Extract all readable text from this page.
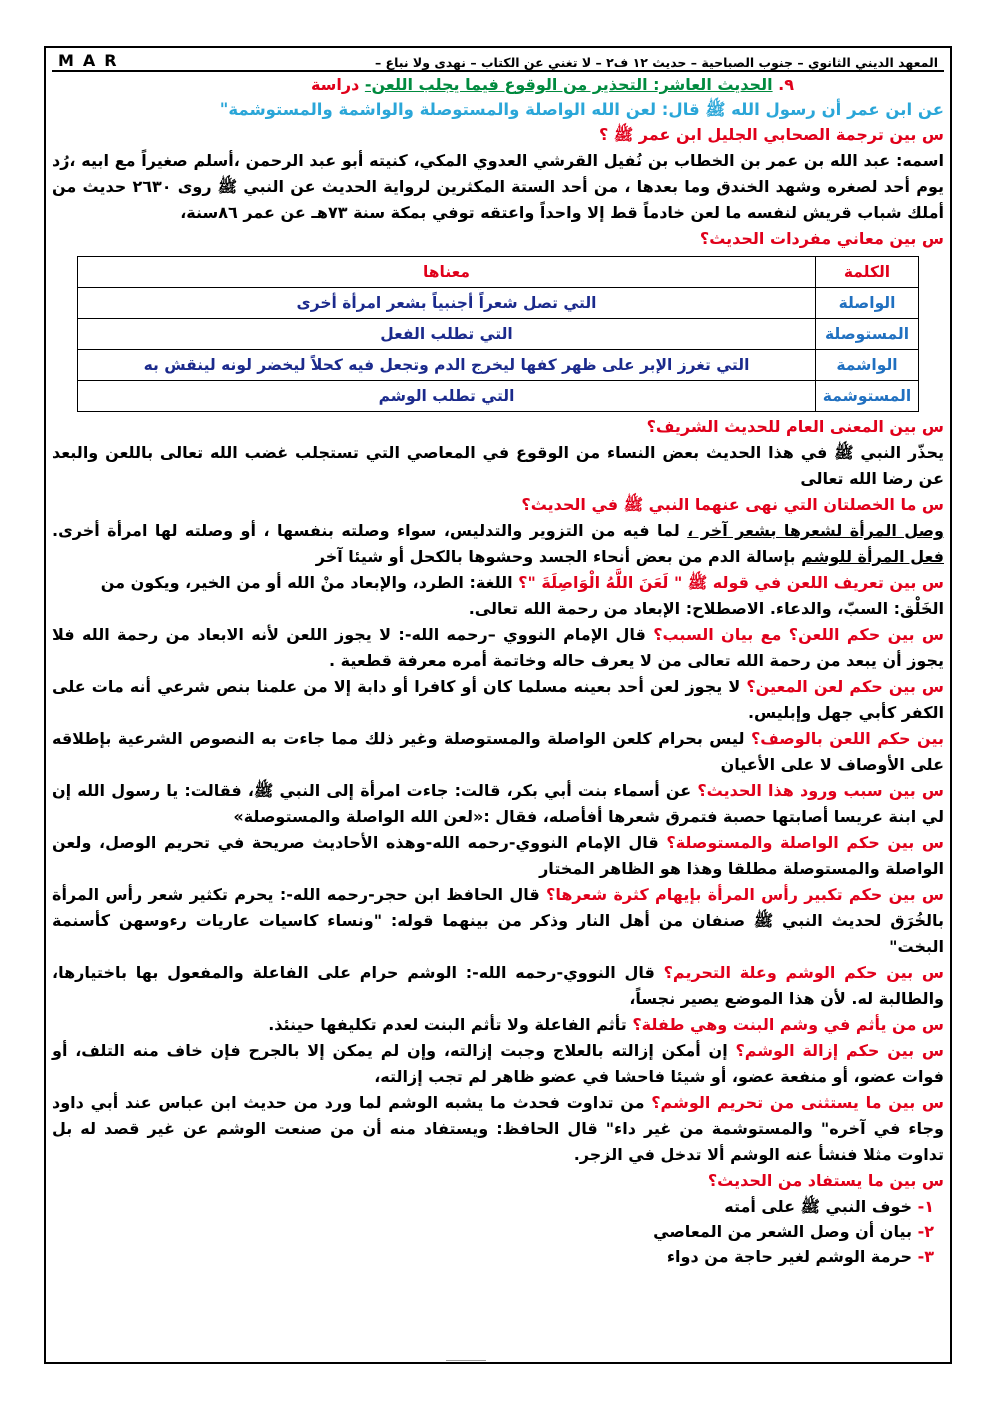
المعهد الديني الثانوي – جنوب الصباحية – حديث ١٢ ف٢ – لا تغني عن الكتاب – نهدى ولا نباع –
MAR
٩. الحديث العاشر: التحذير من الوقوع فيما يجلب اللعن- دراسة
عن ابن عمر أن رسول الله ﷺ قال: لعن الله الواصلة والمستوصلة والواشمة والمستوشمة"
س بين ترجمة الصحابي الجليل ابن عمر ﷺ ؟

اسمه: عبد الله بن عمر بن الخطاب بن نُفيل القرشي العدوي المكي، كنيته أبو عبد الرحمن ،أسلم صغيراً مع ابيه ،رُد يوم أحد لصغره وشهد الخندق وما بعدها ، من أحد الستة المكثرين لرواية الحديث عن النبي ﷺ روى ٢٦٣٠ حديث من أملك شباب قريش لنفسه ما لعن خادماً قط إلا واحداً واعتقه توفي بمكة سنة ٧٣هـ عن عمر ٨٦سنة،

س بين معاني مفردات الحديث؟
الكلمة	معناها
الواصلة	التي تصل شعراً أجنبياً بشعر امرأة أخرى
المستوصلة	التي تطلب الفعل
الواشمة	التي تغرز الإبر على ظهر كفها ليخرج الدم وتجعل فيه كحلاً ليخضر لونه لينقش به
المستوشمة	التي تطلب الوشم
س بين المعنى العام للحديث الشريف؟

يحذّر النبي ﷺ في هذا الحديث بعض النساء من الوقوع في المعاصي التي تستجلب غضب الله تعالى باللعن والبعد عن رضا الله تعالى

س ما الخصلتان التي نهى عنهما النبي ﷺ في الحديث؟

وصل المرأة لشعرها بشعر آخر ، لما فيه من التزوير والتدليس، سواء وصلته بنفسها ، أو وصلته لها امرأة أخرى. فعل المرأة للوشم بإسالة الدم من بعض أنحاء الجسد وحشوها بالكحل أو شيئا آخر

س بين تعريف اللعن في قوله ﷺ " لَعَنَ اللَّهُ الْوَاصِلَةَ "؟ اللغة: الطرد، والإبعاد منْ الله أو من الخير، ويكون من الخَلْق: السبّ، والدعاء. الاصطلاح: الإبعاد من رحمة الله تعالى.

س بين حكم اللعن؟ مع بيان السبب؟ قال الإمام النووي –رحمه الله-: لا يجوز اللعن لأنه الابعاد من رحمة الله فلا يجوز أن يبعد من رحمة الله تعالى من لا يعرف حاله وخاتمة أمره معرفة قطعية .

س بين حكم لعن المعين؟ لا يجوز لعن أحد بعينه مسلما كان أو كافرا أو دابة إلا من علمنا بنص شرعي أنه مات على الكفر كأبي جهل وإبليس.

بين حكم اللعن بالوصف؟ ليس بحرام كلعن الواصلة والمستوصلة وغير ذلك مما جاءت به النصوص الشرعية بإطلاقه على الأوصاف لا على الأعيان

س بين سبب ورود هذا الحديث؟ عن أسماء بنت أبي بكر، قالت: جاءت امرأة إلى النبي ﷺ، فقالت: يا رسول الله إن لي ابنة عريسا أصابتها حصبة فتمرق شعرها أفأصله، فقال :«لعن الله الواصلة والمستوصلة»

س بين حكم الواصلة والمستوصلة؟ قال الإمام النووي-رحمه الله-وهذه الأحاديث صريحة في تحريم الوصل، ولعن الواصلة والمستوصلة مطلقا وهذا هو الظاهر المختار

س بين حكم تكبير رأس المرأة بإيهام كثرة شعرها؟ قال الحافظ ابن حجر-رحمه الله-: يحرم تكثير شعر رأس المرأة بالخُرَق لحديث النبي ﷺ صنفان من أهل النار وذكر من بينهما قوله: "ونساء كاسيات عاريات رءوسهن كأسنمة البخت"

س بين حكم الوشم وعلة التحريم؟ قال النووي-رحمه الله-: الوشم حرام على الفاعلة والمفعول بها باختيارها، والطالبة له. لأن هذا الموضع يصير نجساً،

س من يأثم في وشم البنت وهي طفلة؟ تأثم الفاعلة ولا تأثم البنت لعدم تكليفها حينئذ.

س بين حكم إزالة الوشم؟ إن أمكن إزالته بالعلاج وجبت إزالته، وإن لم يمكن إلا بالجرح فإن خاف منه التلف، أو فوات عضو، أو منفعة عضو، أو شيئا فاحشا في عضو ظاهر لم تجب إزالته،

س بين ما يستثنى من تحريم الوشم؟ من تداوت فحدث ما يشبه الوشم لما ورد من حديث ابن عباس عند أبي داود وجاء في آخره" والمستوشمة من غير داء" قال الحافظ: ويستفاد منه أن من صنعت الوشم عن غير قصد له بل تداوت مثلا فنشأ عنه الوشم ألا تدخل في الزجر.

س بين ما يستفاد من الحديث؟
١- خوف النبي ﷺ على أمته
٢- بيان أن وصل الشعر من المعاصي
٣- حرمة الوشم لغير حاجة من دواء
